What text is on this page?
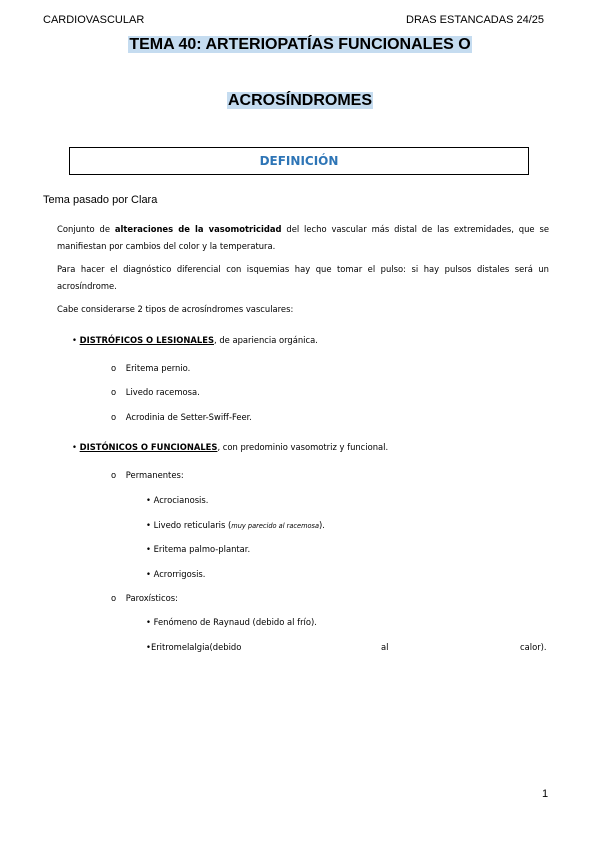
CARDIOVASCULAR	DRAS ESTANCADAS 24/25
TEMA 40: ARTERIOPATÍAS FUNCIONALES O
ACROSÍNDROMES
DEFINICIÓN
Tema pasado por Clara
Conjunto de alteraciones de la vasomotricidad del lecho vascular más distal de las extremidades, que se
manifiestan por cambios del color y la temperatura.
Para hacer el diagnóstico diferencial con isquemias hay que tomar el pulso: si hay pulsos distales será un
acrosíndrome.
Cabe considerarse 2 tipos de acrosíndromes vasculares:
• DISTRÓFICOS O LESIONALES, de apariencia orgánica.
o Eritema pernio.
o Livedo racemosa.
o Acrodinia de Setter-Swiff-Feer.
• DISTÓNICOS O FUNCIONALES, con predominio vasomotriz y funcional.
o Permanentes:
• Acrocianosis.
• Livedo reticularis (muy parecido al racemosa).
• Eritema palmo-plantar.
• Acrorrigosis.
o Paroxísticos:
• Fenómeno de Raynaud (debido al frío).
•Eritromelalgia(debido	al	calor).
1
